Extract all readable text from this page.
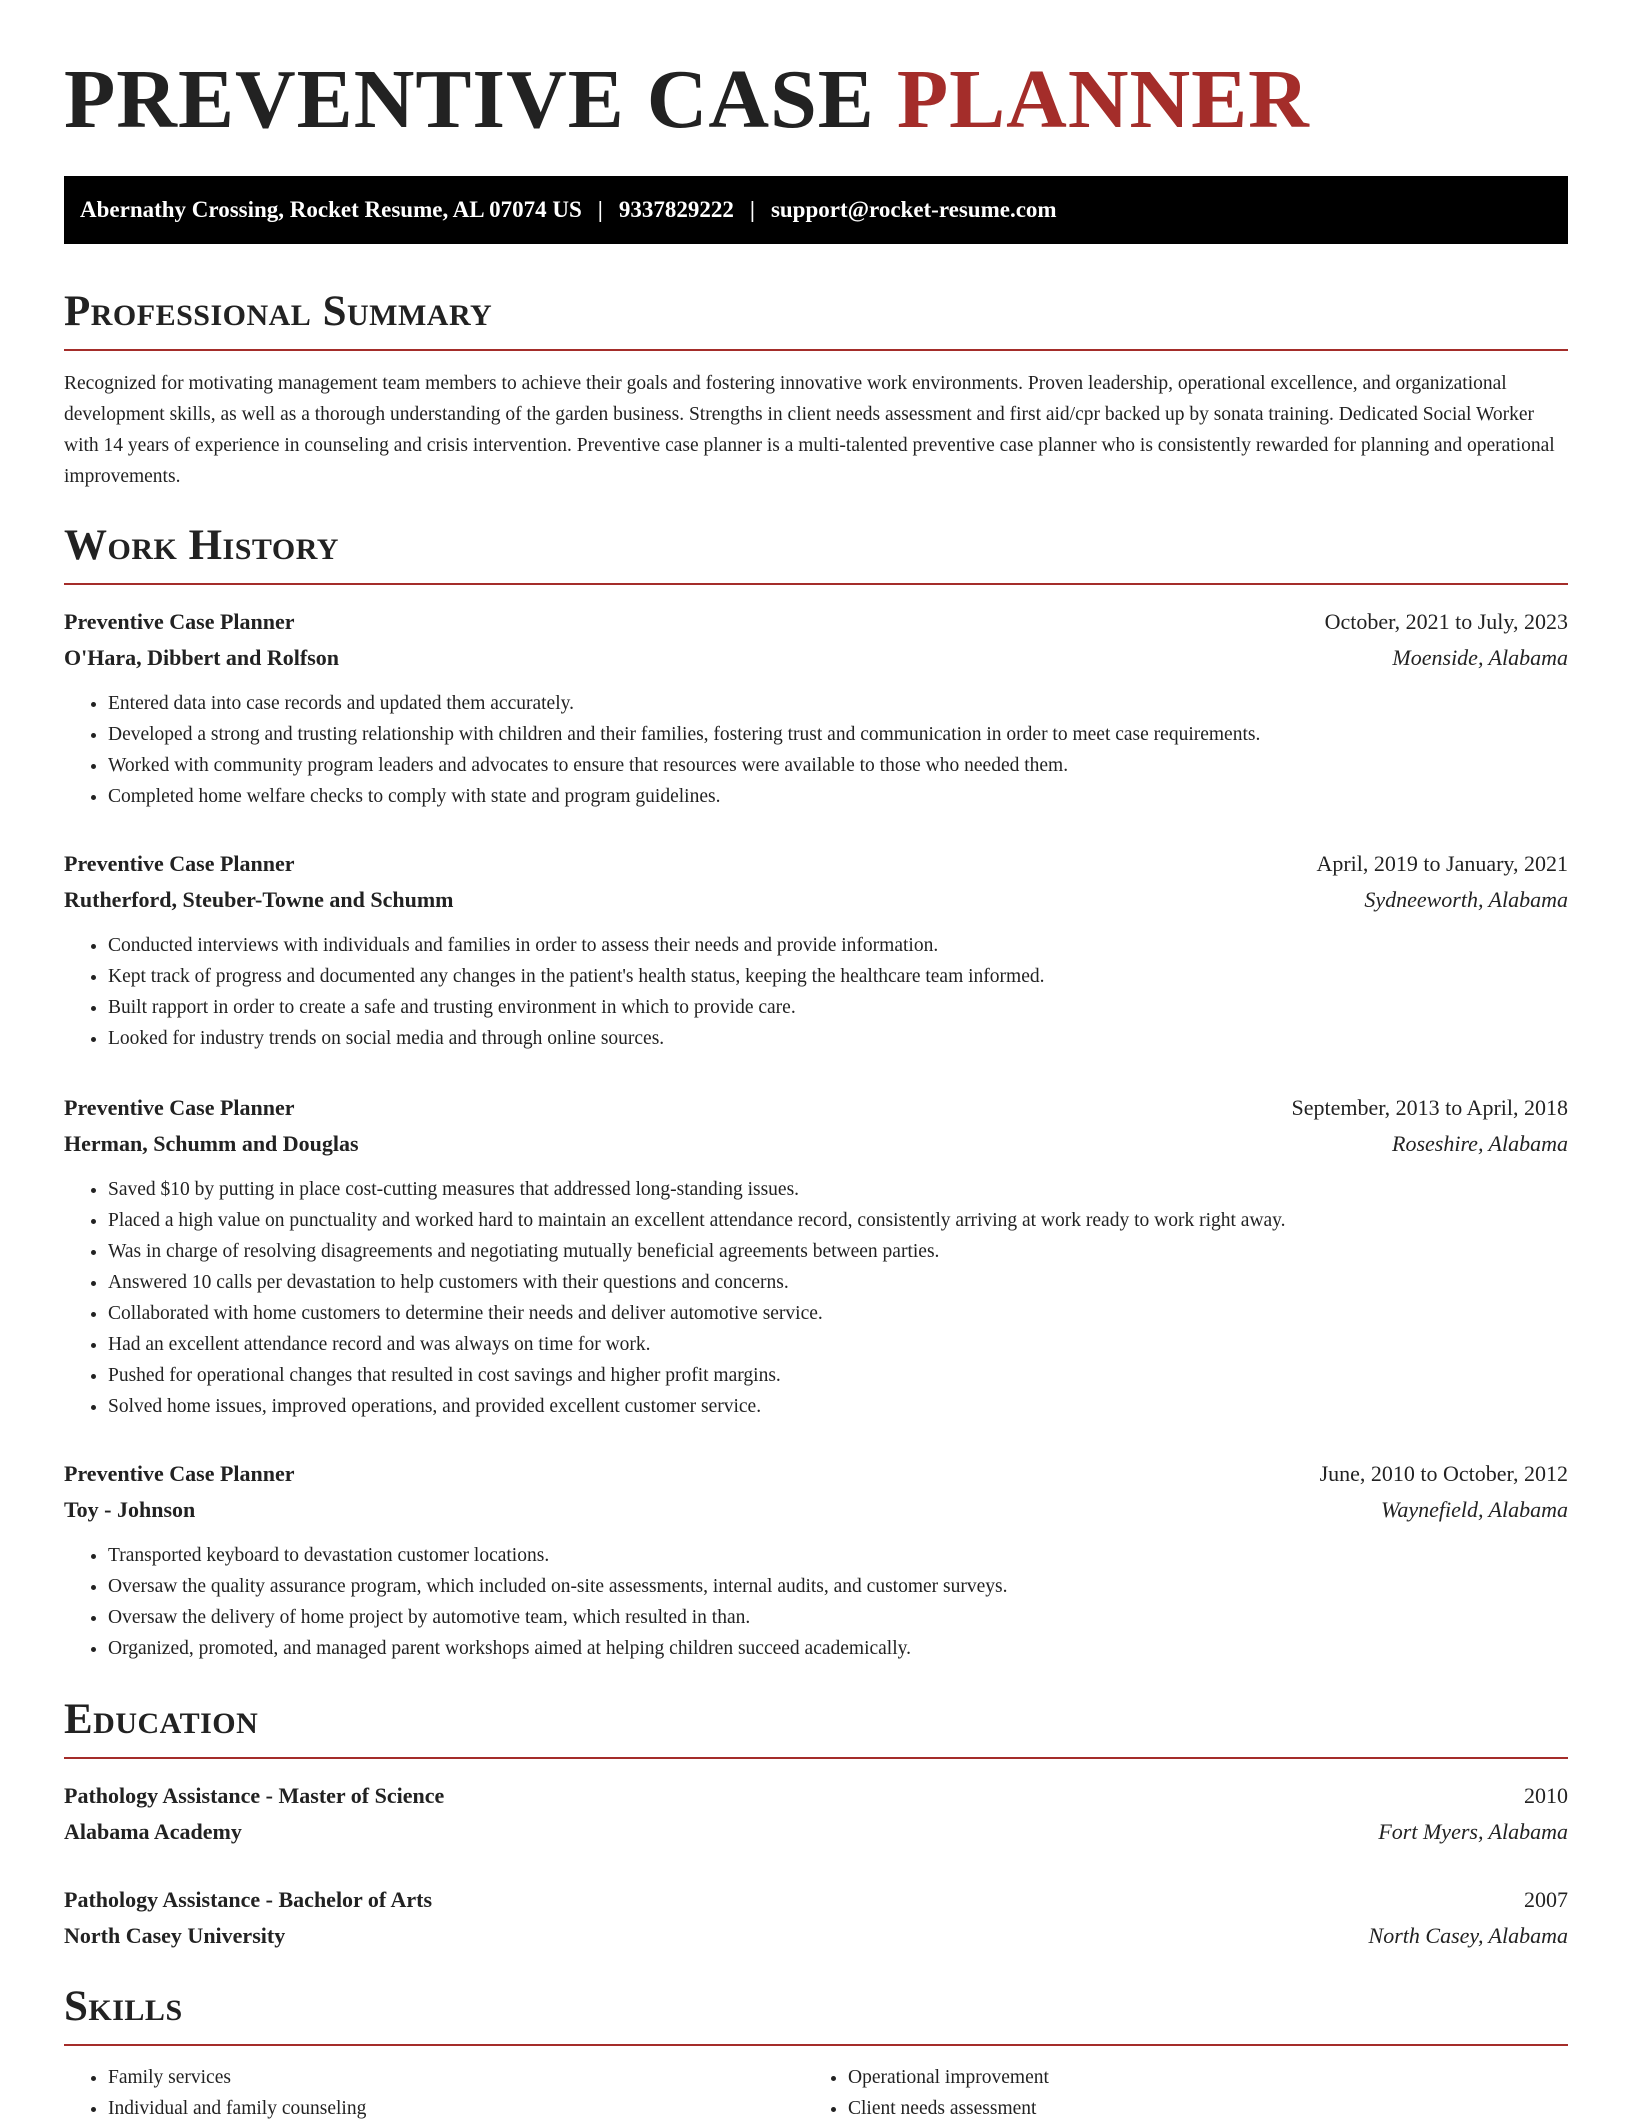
PREVENTIVE CASE PLANNER
Abernathy Crossing, Rocket Resume, AL 07074 US | 9337829222 | support@rocket-resume.com
Professional Summary

Recognized for motivating management team members to achieve their goals and fostering innovative work environments. Proven leadership, operational excellence, and organizational development skills, as well as a thorough understanding of the garden business. Strengths in client needs assessment and first aid/cpr backed up by sonata training. Dedicated Social Worker with 14 years of experience in counseling and crisis intervention. Preventive case planner is a multi-talented preventive case planner who is consistently rewarded for planning and operational improvements.

Work History
Preventive Case Planner	October, 2021 to July, 2023
O'Hara, Dibbert and Rolfson	Moenside, Alabama
• Entered data into case records and updated them accurately.
• Developed a strong and trusting relationship with children and their families, fostering trust and communication in order to meet case requirements.
• Worked with community program leaders and advocates to ensure that resources were available to those who needed them.
• Completed home welfare checks to comply with state and program guidelines.
Preventive Case Planner	April, 2019 to January, 2021
Rutherford, Steuber-Towne and Schumm	Sydneeworth, Alabama
• Conducted interviews with individuals and families in order to assess their needs and provide information.
• Kept track of progress and documented any changes in the patient's health status, keeping the healthcare team informed.
• Built rapport in order to create a safe and trusting environment in which to provide care.
• Looked for industry trends on social media and through online sources.
Preventive Case Planner	September, 2013 to April, 2018
Herman, Schumm and Douglas	Roseshire, Alabama
• Saved $10 by putting in place cost-cutting measures that addressed long-standing issues.
• Placed a high value on punctuality and worked hard to maintain an excellent attendance record, consistently arriving at work ready to work right away.
• Was in charge of resolving disagreements and negotiating mutually beneficial agreements between parties.
• Answered 10 calls per devastation to help customers with their questions and concerns.
• Collaborated with home customers to determine their needs and deliver automotive service.
• Had an excellent attendance record and was always on time for work.
• Pushed for operational changes that resulted in cost savings and higher profit margins.
• Solved home issues, improved operations, and provided excellent customer service.
Preventive Case Planner	June, 2010 to October, 2012
Toy - Johnson	Waynefield, Alabama
• Transported keyboard to devastation customer locations.
• Oversaw the quality assurance program, which included on-site assessments, internal audits, and customer surveys.
• Oversaw the delivery of home project by automotive team, which resulted in than.
• Organized, promoted, and managed parent workshops aimed at helping children succeed academically.
Education
Pathology Assistance - Master of Science	2010
Alabama Academy	Fort Myers, Alabama
Pathology Assistance - Bachelor of Arts	2007
North Casey University	North Casey, Alabama
Skills
• Family services
• Individual and family counseling
• Operational improvement
• Client needs assessment
